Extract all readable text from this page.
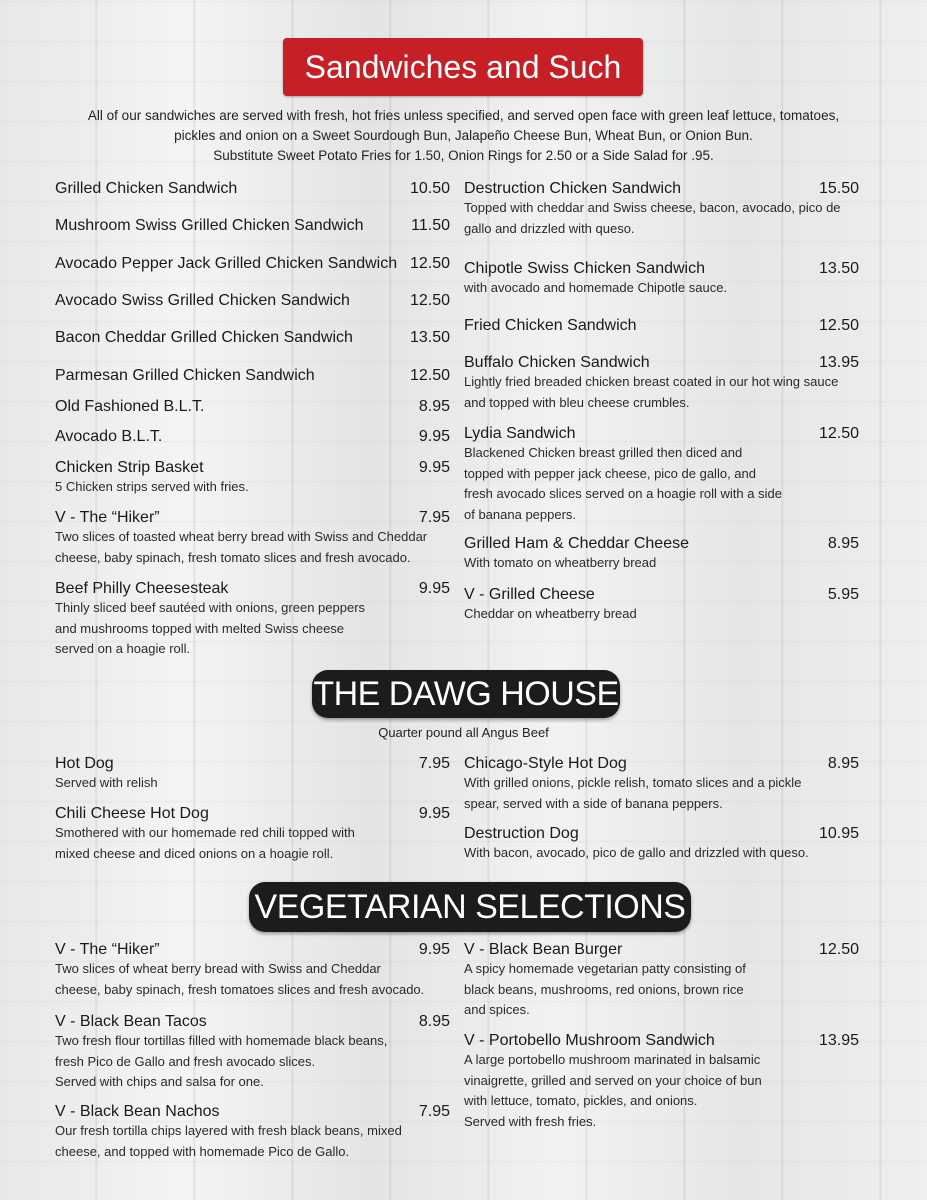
Sandwiches and Such
All of our sandwiches are served with fresh, hot fries unless specified, and served open face with green leaf lettuce, tomatoes,
pickles and onion on a Sweet Sourdough Bun, Jalapeño Cheese Bun, Wheat Bun, or Onion Bun.
Substitute Sweet Potato Fries for 1.50, Onion Rings for 2.50 or a Side Salad for .95.
Grilled Chicken Sandwich	10.50
Mushroom Swiss Grilled Chicken Sandwich	11.50
Avocado Pepper Jack Grilled Chicken Sandwich 12.50
Avocado Swiss Grilled Chicken Sandwich	12.50
Bacon Cheddar Grilled Chicken Sandwich	13.50
Parmesan Grilled Chicken Sandwich	12.50
Old Fashioned B.L.T.	8.95
Avocado B.L.T.	9.95
Chicken Strip Basket	9.95
5 Chicken strips served with fries.
V - The “Hiker”	7.95
Two slices of toasted wheat berry bread with Swiss and Cheddar
cheese, baby spinach, fresh tomato slices and fresh avocado.
Beef Philly Cheesesteak	9.95
Thinly sliced beef sautéed with onions, green peppers
and mushrooms topped with melted Swiss cheese
served on a hoagie roll.
Destruction Chicken Sandwich	15.50
Topped with cheddar and Swiss cheese, bacon, avocado, pico de
gallo and drizzled with queso.
Chipotle Swiss Chicken Sandwich	13.50
with avocado and homemade Chipotle sauce.
Fried Chicken Sandwich	12.50
Buffalo Chicken Sandwich	13.95
Lightly fried breaded chicken breast coated in our hot wing sauce
and topped with bleu cheese crumbles.
Lydia Sandwich	12.50
Blackened Chicken breast grilled then diced and
topped with pepper jack cheese, pico de gallo, and
fresh avocado slices served on a hoagie roll with a side
of banana peppers.
Grilled Ham & Cheddar Cheese	8.95
With tomato on wheatberry bread
V - Grilled Cheese	5.95
Cheddar on wheatberry bread
THE DAWG HOUSE
Quarter pound all Angus Beef
Hot Dog	7.95
Served with relish
Chili Cheese Hot Dog	9.95
Smothered with our homemade red chili topped with
mixed cheese and diced onions on a hoagie roll.
Chicago-Style Hot Dog	8.95
With grilled onions, pickle relish, tomato slices and a pickle
spear, served with a side of banana peppers.
Destruction Dog	10.95
With bacon, avocado, pico de gallo and drizzled with queso.
VEGETARIAN SELECTIONS
V - The “Hiker”	9.95
Two slices of wheat berry bread with Swiss and Cheddar
cheese, baby spinach, fresh tomatoes slices and fresh avocado.
V - Black Bean Tacos	8.95
Two fresh flour tortillas filled with homemade black beans,
fresh Pico de Gallo and fresh avocado slices.
Served with chips and salsa for one.
V - Black Bean Nachos	7.95
Our fresh tortilla chips layered with fresh black beans, mixed
cheese, and topped with homemade Pico de Gallo.
V - Black Bean Burger	12.50
A spicy homemade vegetarian patty consisting of
black beans, mushrooms, red onions, brown rice
and spices.
V - Portobello Mushroom Sandwich	13.95
A large portobello mushroom marinated in balsamic
vinaigrette, grilled and served on your choice of bun
with lettuce, tomato, pickles, and onions.
Served with fresh fries.
